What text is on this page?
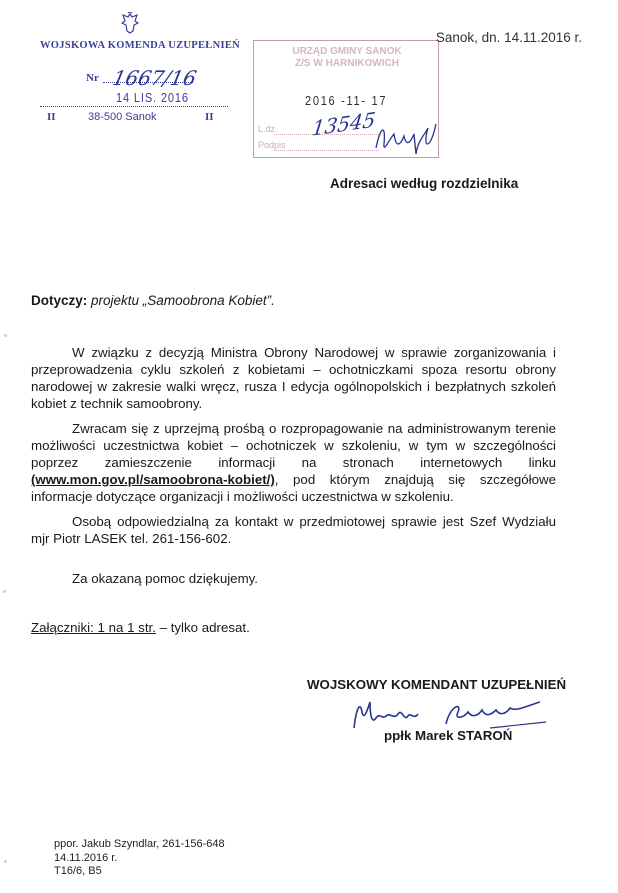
WOJSKOWA KOMENDA UZUPEŁNIEŃ
Nr 1667/16
14 LIS. 2016
II	38-500 Sanok	II
URZĄD GMINY SANOK
Z/S W HARNIKOWICH
2016 -11- 17
L.dz. 13545
Podpis
Sanok, dn. 14.11.2016 r.
Adresaci według rozdzielnika
Dotyczy: projektu „Samoobrona Kobiet”.
W związku z decyzją Ministra Obrony Narodowej w sprawie zorganizowania i przeprowadzenia cyklu szkoleń z kobietami – ochotniczkami spoza resortu obrony narodowej w zakresie walki wręcz, rusza I edycja ogólnopolskich i bezpłatnych szkoleń kobiet z technik samoobrony.
Zwracam się z uprzejmą prośbą o rozpropagowanie na administrowanym terenie możliwości uczestnictwa kobiet – ochotniczek w szkoleniu, w tym w szczególności poprzez zamieszczenie informacji na stronach internetowych linku (www.mon.gov.pl/samoobrona-kobiet/), pod którym znajdują się szczegółowe informacje dotyczące organizacji i możliwości uczestnictwa w szkoleniu.
Osobą odpowiedzialną za kontakt w przedmiotowej sprawie jest Szef Wydziału mjr Piotr LASEK tel. 261-156-602.
Za okazaną pomoc dziękujemy.
Załączniki: 1 na 1 str. – tylko adresat.
WOJSKOWY KOMENDANT UZUPEŁNIEŃ
ppłk Marek STAROŃ
ppor. Jakub Szyndlar, 261-156-648
14.11.2016 r.
T16/6, B5
